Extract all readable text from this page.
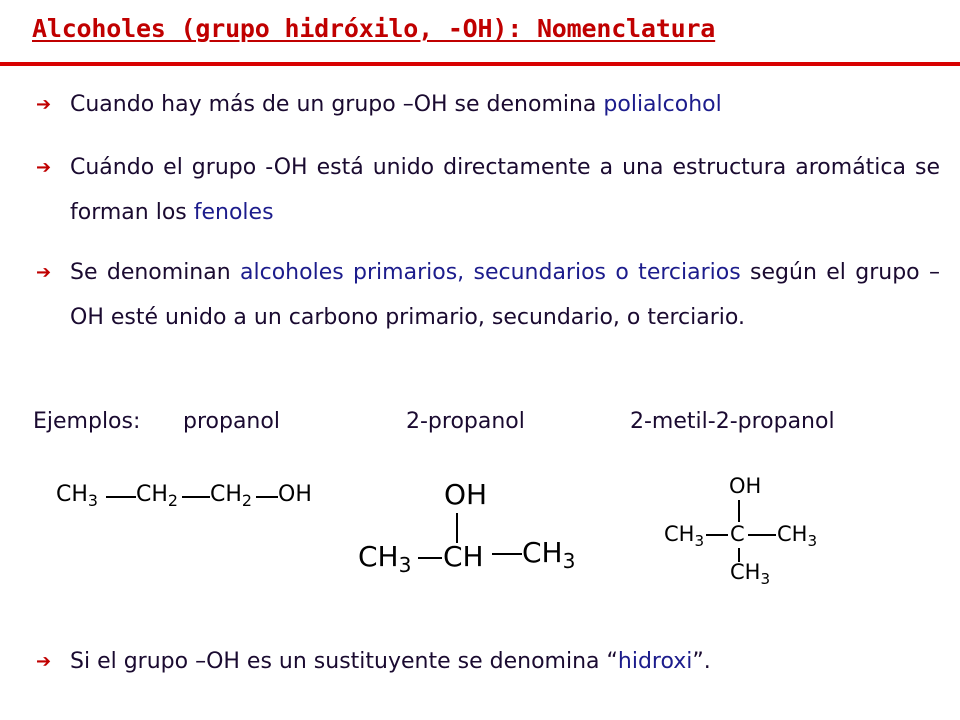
Alcoholes (grupo hidróxilo, -OH): Nomenclatura
➔ Cuando hay más de un grupo –OH se denomina polialcohol
➔ Cuándo el grupo -OH está unido directamente a una estructura aromática se forman los fenoles
➔ Se denominan alcoholes primarios, secundarios o terciarios según el grupo –OH esté unido a un carbono primario, secundario, o terciario.
Ejemplos: propanol	2-propanol	2-metil-2-propanol
$CH_3$ $CH_2$ $CH_2$ OH	OH
$CH_3$ CH $CH_3$
OH
$CH_3$ C $CH_3$
$CH_3$
➔ Si el grupo –OH es un sustituyente se denomina “hidroxi”.
